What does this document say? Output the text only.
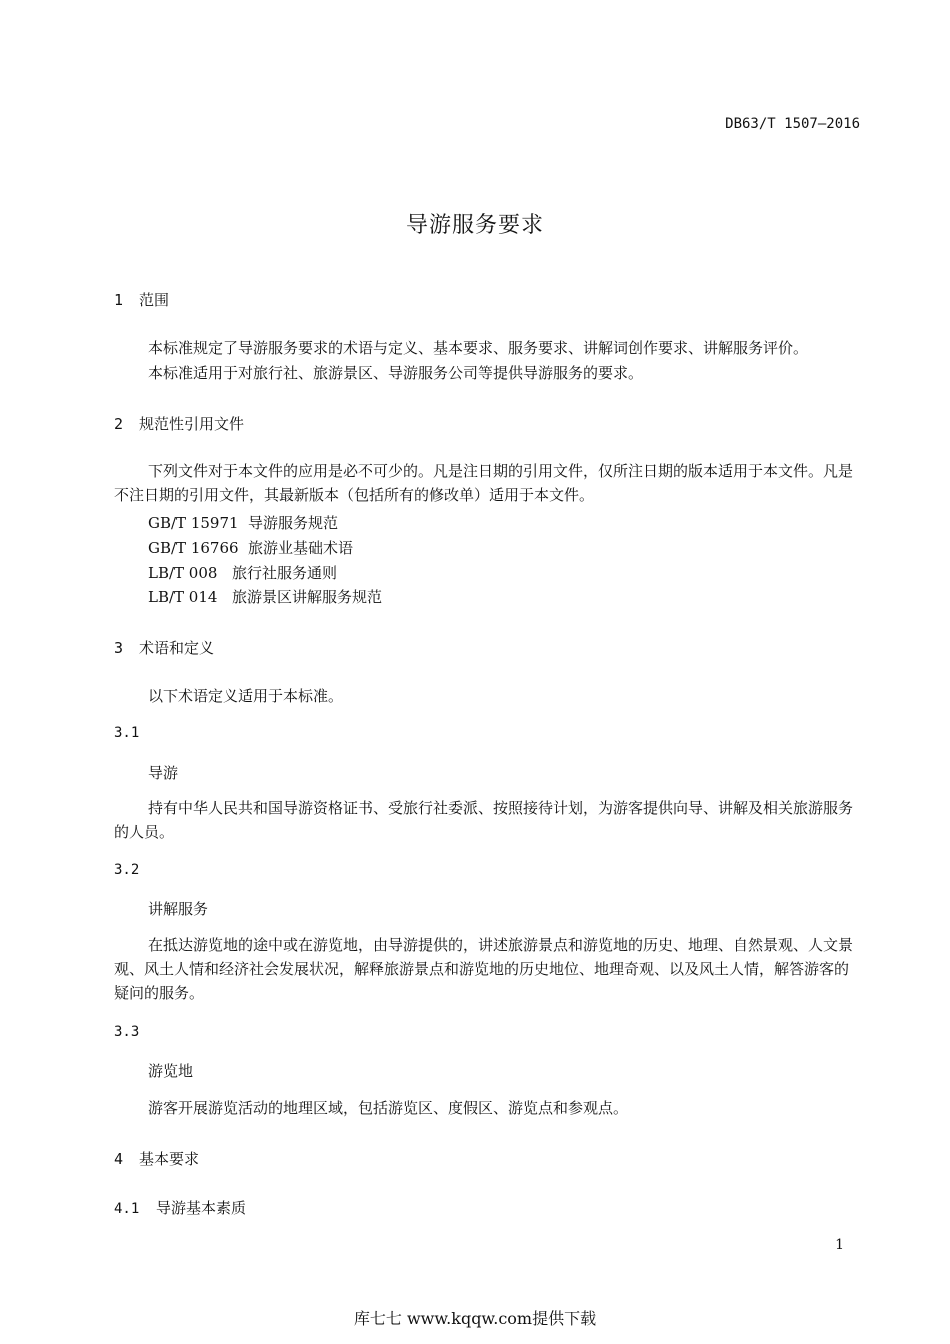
DB63/T 1507—2016
导游服务要求
1 范围
本标准规定了导游服务要求的术语与定义、基本要求、服务要求、讲解词创作要求、讲解服务评价。
本标准适用于对旅行社、旅游景区、导游服务公司等提供导游服务的要求。
2 规范性引用文件
下列文件对于本文件的应用是必不可少的。凡是注日期的引用文件，仅所注日期的版本适用于本文件。凡是不注日期的引用文件，其最新版本（包括所有的修改单）适用于本文件。
GB/T 15971 导游服务规范
GB/T 16766 旅游业基础术语
LB/T 008 旅行社服务通则
LB/T 014 旅游景区讲解服务规范
3 术语和定义
以下术语定义适用于本标准。
3.1
导游
持有中华人民共和国导游资格证书、受旅行社委派、按照接待计划，为游客提供向导、讲解及相关旅游服务的人员。
3.2
讲解服务
在抵达游览地的途中或在游览地，由导游提供的，讲述旅游景点和游览地的历史、地理、自然景观、人文景观、风土人情和经济社会发展状况，解释旅游景点和游览地的历史地位、地理奇观、以及风土人情，解答游客的疑问的服务。
3.3
游览地
游客开展游览活动的地理区域，包括游览区、度假区、游览点和参观点。
4 基本要求
4.1 导游基本素质
1
库七七 www.kqqw.com提供下载
